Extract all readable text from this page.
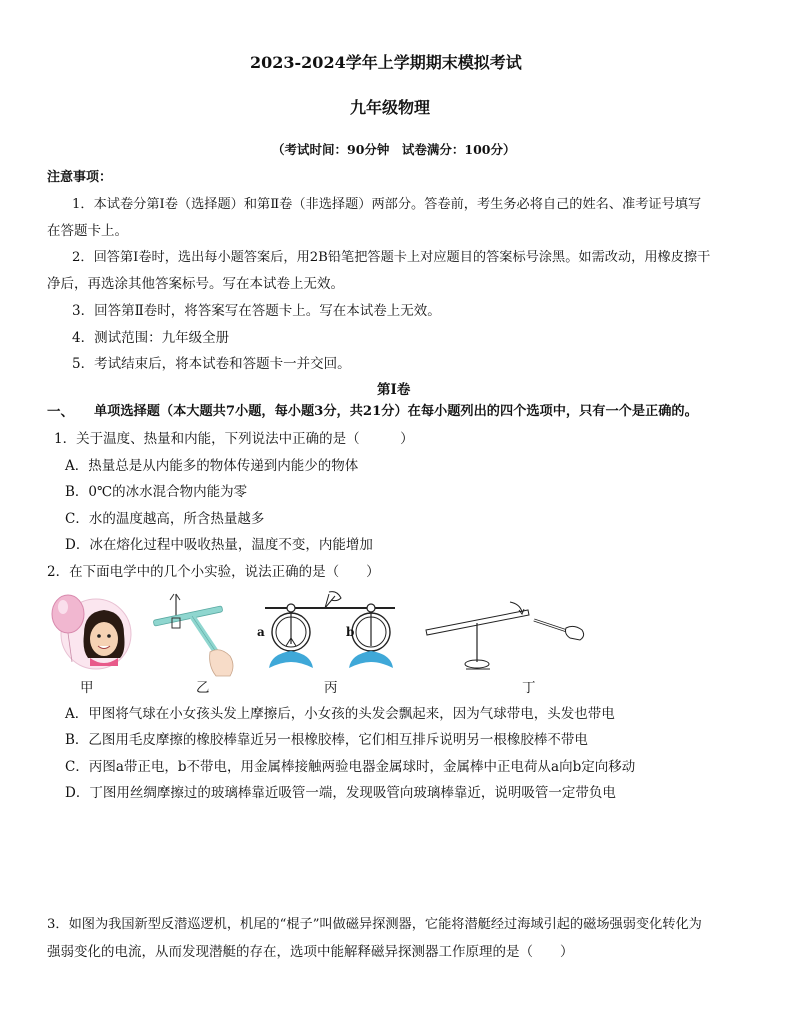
2023-2024学年上学期期末模拟考试
九年级物理
（考试时间：90分钟　试卷满分：100分）
注意事项：
1．本试卷分第Ⅰ卷（选择题）和第Ⅱ卷（非选择题）两部分。答卷前，考生务必将自己的姓名、准考证号填写
在答题卡上。
2．回答第Ⅰ卷时，选出每小题答案后，用2B铅笔把答题卡上对应题目的答案标号涂黑。如需改动，用橡皮擦干
净后，再选涂其他答案标号。写在本试卷上无效。
3．回答第Ⅱ卷时，将答案写在答题卡上。写在本试卷上无效。
4．测试范围：九年级全册
5．考试结束后，将本试卷和答题卡一并交回。
第Ⅰ卷
一、 单项选择题（本大题共7小题，每小题3分，共21分）在每小题列出的四个选项中，只有一个是正确的。
1．关于温度、热量和内能，下列说法中正确的是（　　　）
A．热量总是从内能多的物体传递到内能少的物体
B．0℃的冰水混合物内能为零
C．水的温度越高，所含热量越多
D．冰在熔化过程中吸收热量，温度不变，内能增加
2．在下面电学中的几个小实验，说法正确的是（　　）
甲	乙
a	b
丙	丁
A．甲图将气球在小女孩头发上摩擦后，小女孩的头发会飘起来，因为气球带电，头发也带电
B．乙图用毛皮摩擦的橡胶棒靠近另一根橡胶棒，它们相互排斥说明另一根橡胶棒不带电
C．丙图a带正电，b不带电，用金属棒接触两验电器金属球时，金属棒中正电荷从a向b定向移动
D．丁图用丝绸摩擦过的玻璃棒靠近吸管一端，发现吸管向玻璃棒靠近，说明吸管一定带负电
3．如图为我国新型反潜巡逻机，机尾的“棍子”叫做磁异探测器，它能将潜艇经过海域引起的磁场强弱变化转化为
强弱变化的电流，从而发现潜艇的存在，选项中能解释磁异探测器工作原理的是（　　）
